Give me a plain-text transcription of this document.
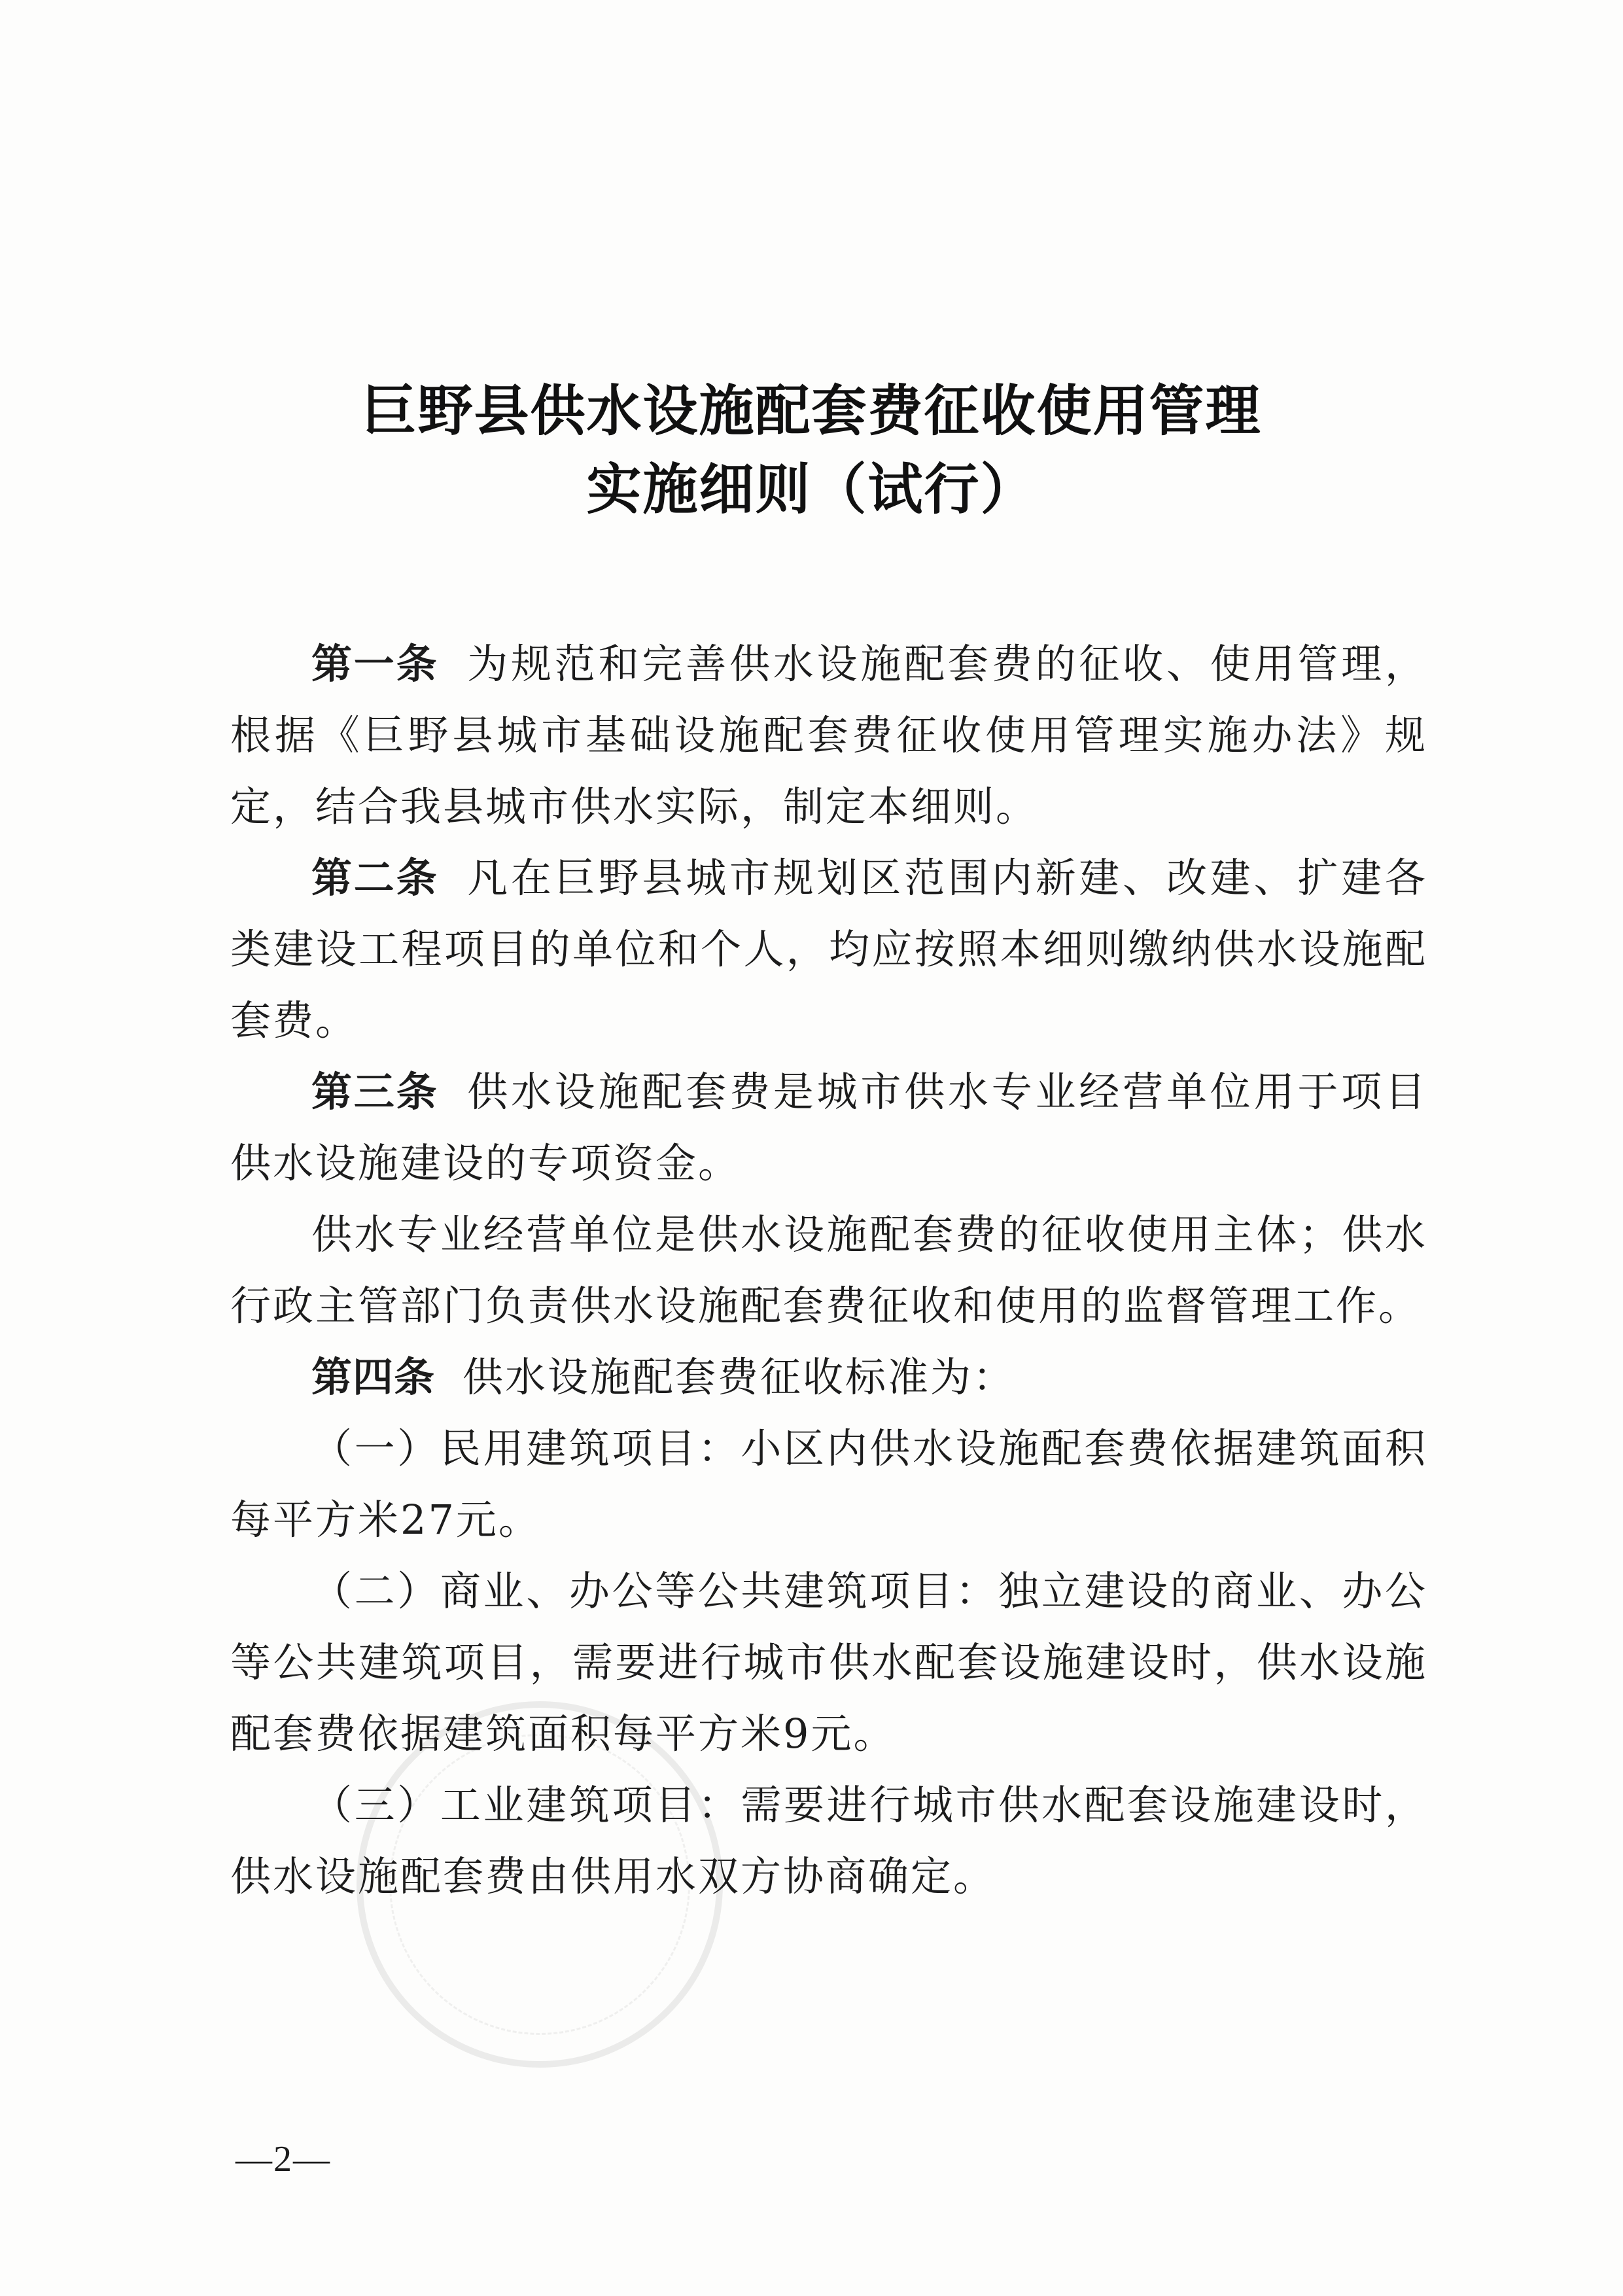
巨野县供水设施配套费征收使用管理
实施细则（试行）

第一条 为规范和完善供水设施配套费的征收、使用管理，根据《巨野县城市基础设施配套费征收使用管理实施办法》规定，结合我县城市供水实际，制定本细则。

第二条 凡在巨野县城市规划区范围内新建、改建、扩建各类建设工程项目的单位和个人，均应按照本细则缴纳供水设施配套费。

第三条 供水设施配套费是城市供水专业经营单位用于项目供水设施建设的专项资金。

供水专业经营单位是供水设施配套费的征收使用主体；供水行政主管部门负责供水设施配套费征收和使用的监督管理工作。

第四条 供水设施配套费征收标准为：

（一）民用建筑项目：小区内供水设施配套费依据建筑面积每平方米27元。

（二）商业、办公等公共建筑项目：独立建设的商业、办公等公共建筑项目，需要进行城市供水配套设施建设时，供水设施配套费依据建筑面积每平方米9元。

（三）工业建筑项目：需要进行城市供水配套设施建设时，供水设施配套费由供用水双方协商确定。

—2—
